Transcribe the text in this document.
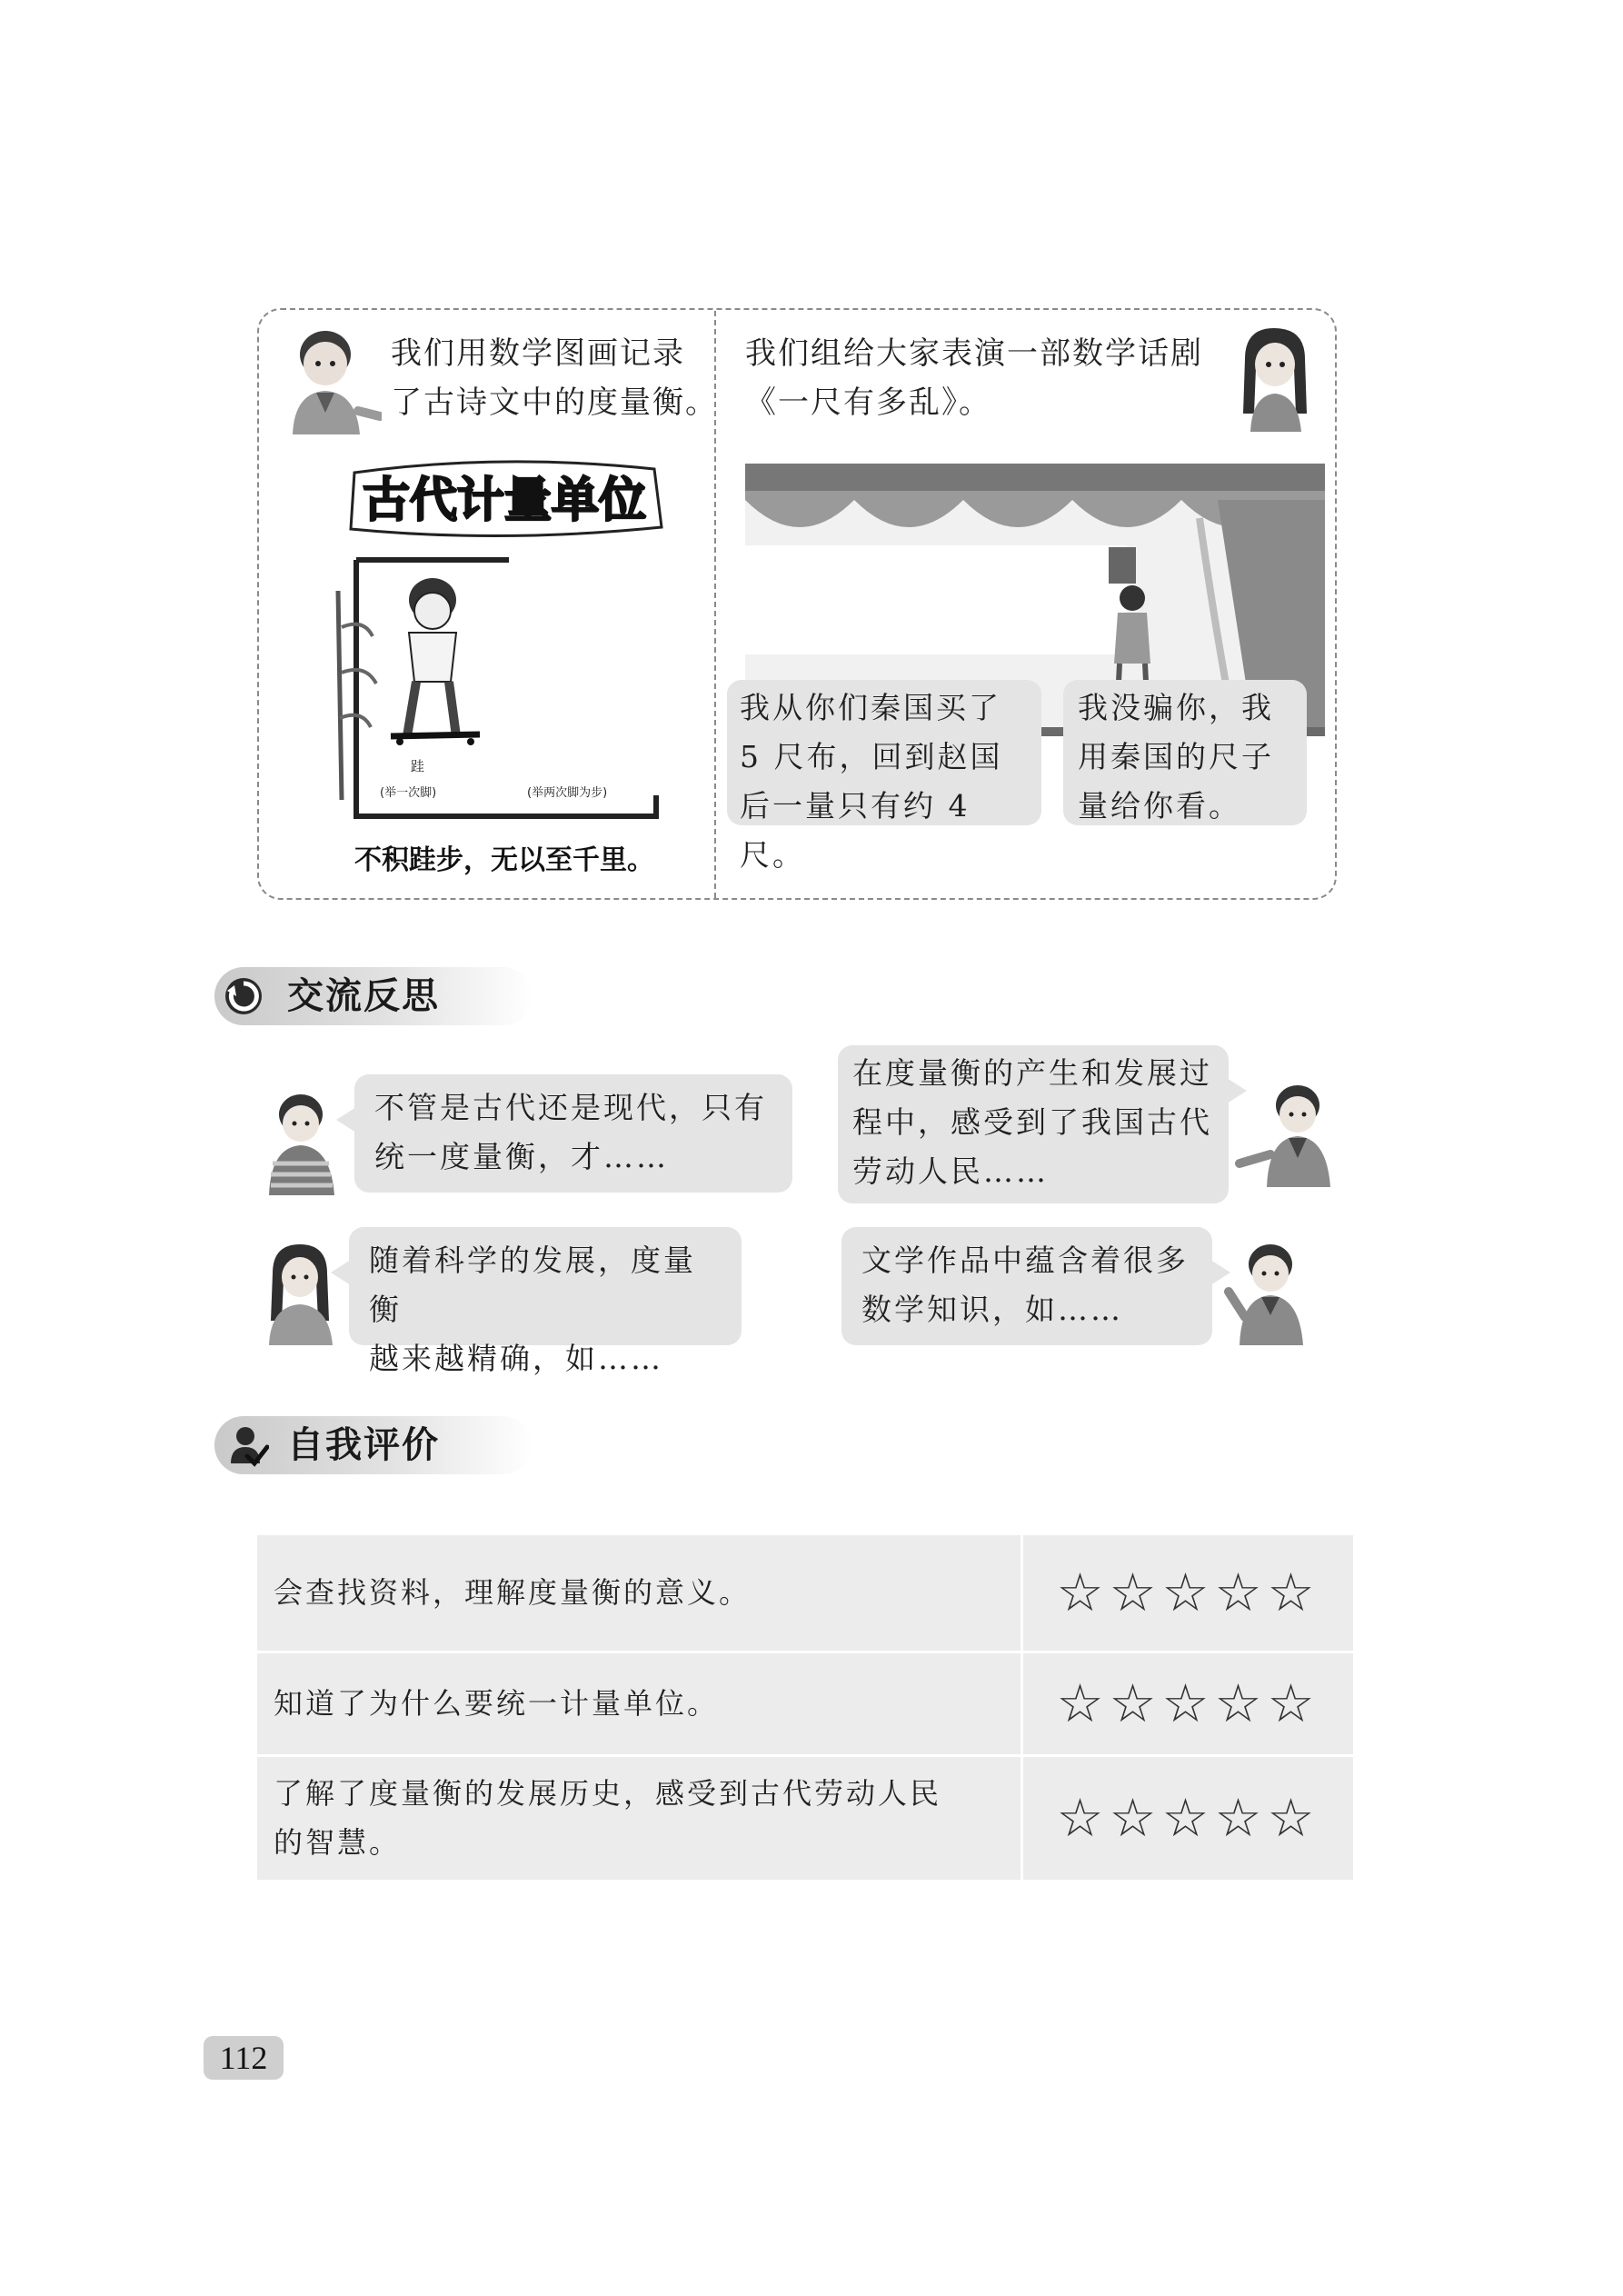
我们用数学图画记录
了古诗文中的度量衡。
古代计量单位
跬
(举一次脚)	(举两次脚为步)
不积跬步，无以至千里。
我们组给大家表演一部数学话剧
《一尺有多乱》。
我从你们秦国买了
5 尺布，回到赵国
后一量只有约 4 尺。
我没骗你，我
用秦国的尺子
量给你看。
交流反思
不管是古代还是现代，只有
统一度量衡，才……
在度量衡的产生和发展过
程中，感受到了我国古代
劳动人民……
随着科学的发展，度量衡
越来越精确，如……
文学作品中蕴含着很多
数学知识，如……
自我评价
会查找资料，理解度量衡的意义。	☆☆☆☆☆

知道了为什么要统一计量单位。	☆☆☆☆☆

了解了度量衡的发展历史，感受到古代劳动人民
的智慧。	☆☆☆☆☆
112
